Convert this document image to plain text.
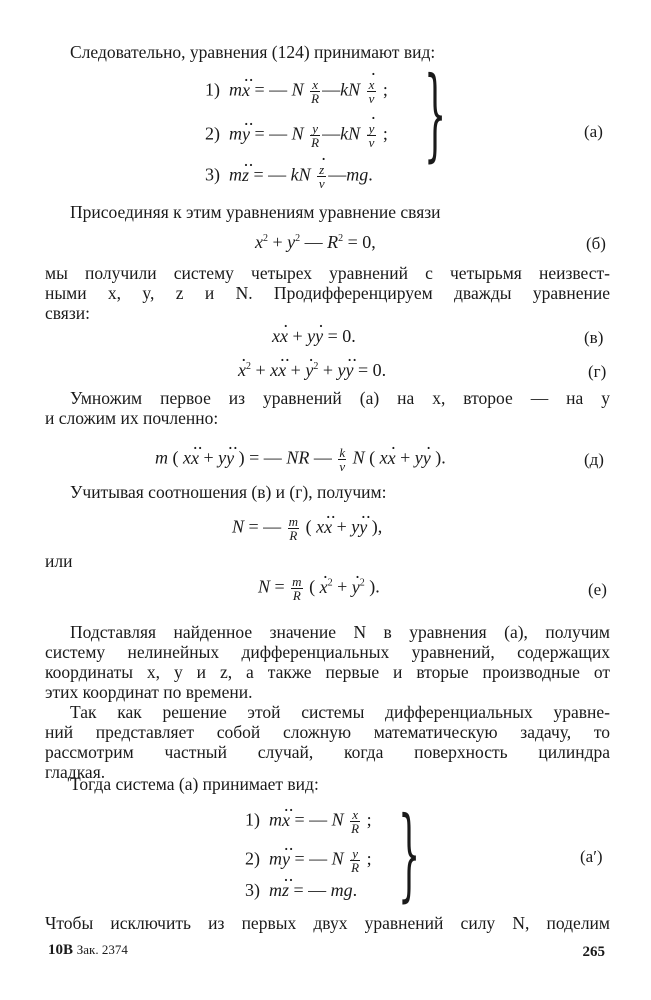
Следовательно, уравнения (124) принимают вид:
1) mx ·· = — N $\frac{x}{R}$ —kN $\frac{x \cdot}{v}$ ;
2) my ·· = — N $\frac{y}{R}$ —kN $\frac{y \cdot}{v}$ ;
3) mz ·· = — kN $\frac{z \cdot}{v}$ —mg.
}	(а)
Присоединяя к этим уравнениям уравнение связи
$x^2 + y^2$ — $R^2 = 0$,	(б)
мы получили систему четырех уравнений с четырьмя неизвест-
ными x, y, z и N. Продифференцируем дважды уравнение
связи:
xx · + yy · = 0.	(в)
x ·$^2$ + xx ·· + y ·$^2$ + yy ·· = 0.	(г)
Умножим первое из уравнений (а) на x, второе — на y
и сложим их почленно:
m ( xx ·· + yy ·· ) = — NR — $\frac{k}{v}$ N ( xx · + yy · ).	(д)
Учитывая соотношения (в) и (г), получим:
N = — $\frac{m}{R}$ ( xx ·· + yy ·· ),
или
$N = \frac{m}{R}$ ( x ·$^2$ + y ·$^2$ ).	(е)
Подставляя найденное значение N в уравнения (а), получим
систему нелинейных дифференциальных уравнений, содержащих
координаты x, y и z, а также первые и вторые производные от
этих координат по времени.
Так как решение этой системы дифференциальных уравне-
ний представляет собой сложную математическую задачу, то
рассмотрим частный случай, когда поверхность цилиндра
гладкая.
Тогда система (а) принимает вид:
1) mx ·· = — N $\frac{x}{R}$ ;
2) my ·· = — N $\frac{y}{R}$ ;
3) mz ·· = — mg. }	(а′)
Чтобы исключить из первых двух уравнений силу N, поделим
10В Зак. 2374	265
